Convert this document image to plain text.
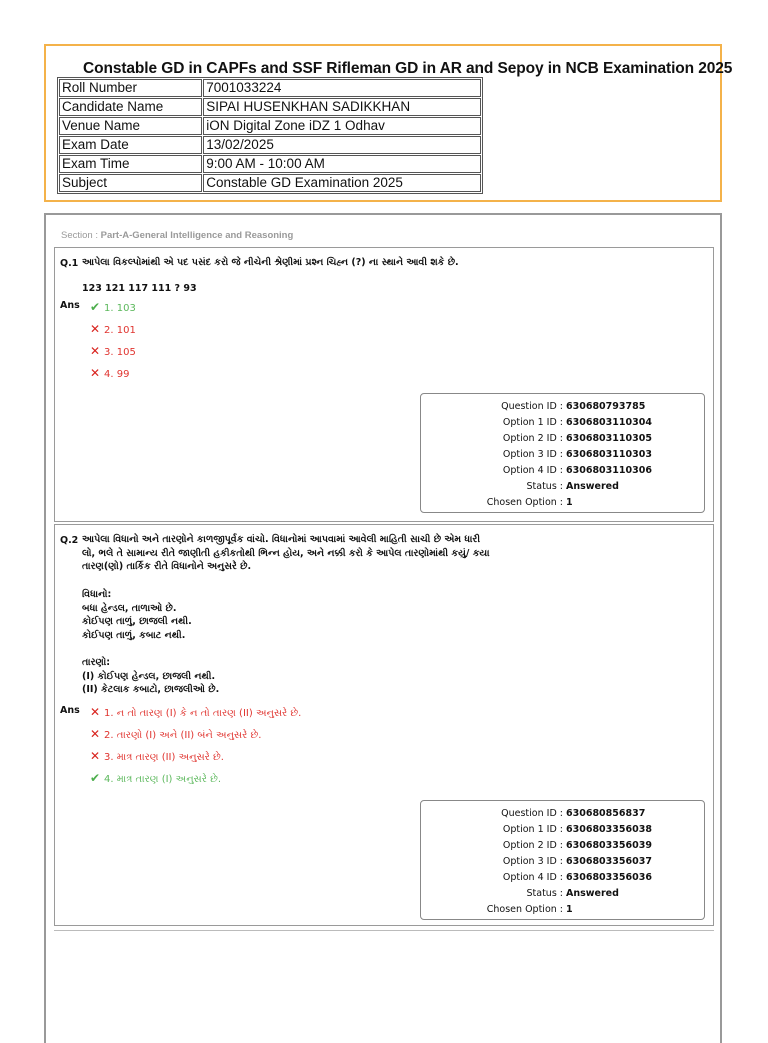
Constable GD in CAPFs and SSF Rifleman GD in AR and Sepoy in NCB Examination 2025
Roll Number	7001033224
Candidate Name	SIPAI HUSENKHAN SADIKKHAN
Venue Name	iON Digital Zone iDZ 1 Odhav
Exam Date	13/02/2025
Exam Time	9:00 AM - 10:00 AM
Subject	Constable GD Examination 2025
Section : Part-A-General Intelligence and Reasoning
Q.1 આપેલા વિકલ્પોમાંથી એ પદ પસંદ કરો જે નીચેની શ્રેણીમાં પ્રશ્ન ચિહ્ન (?) ના સ્થાને આવી શકે છે.
123 121 117 111 ? 93
Ans ✔ 1. 103
✕ 2. 101
✕ 3. 105
✕ 4. 99
Question ID : 630680793785
Option 1 ID : 6306803110304
Option 2 ID : 6306803110305
Option 3 ID : 6306803110303
Option 4 ID : 6306803110306
Status : Answered
Chosen Option : 1
Q.2 આપેલા વિધાનો અને તારણોને કાળજીપૂર્વક વાંચો. વિધાનોમાં આપવામાં આવેલી માહિતી સાચી છે એમ ધારી
લો, ભલે તે સામાન્ય રીતે જાણીતી હકીકતોથી ભિન્ન હોય, અને નક્કી કરો કે આપેલ તારણોમાંથી કયું/ કયા
તારણ(ણો) તાર્કિક રીતે વિધાનોને અનુસરે છે.
વિધાનો:
બધા હેન્ડલ, તાળાઓ છે.
કોઈપણ તાળું, છાજલી નથી.
કોઈપણ તાળું, કબાટ નથી.
તારણો:
(I) કોઈપણ હેન્ડલ, છાજલી નથી.
(II) કેટલાક કબાટો, છાજલીઓ છે.
Ans ✕ 1. ન તો તારણ (I) કે ન તો તારણ (II) અનુસરે છે.
✕ 2. તારણો (I) અને (II) બંને અનુસરે છે.
✕ 3. માત્ર તારણ (II) અનુસરે છે.
✔ 4. માત્ર તારણ (I) અનુસરે છે.
Question ID : 630680856837
Option 1 ID : 6306803356038
Option 2 ID : 6306803356039
Option 3 ID : 6306803356037
Option 4 ID : 6306803356036
Status : Answered
Chosen Option : 1
